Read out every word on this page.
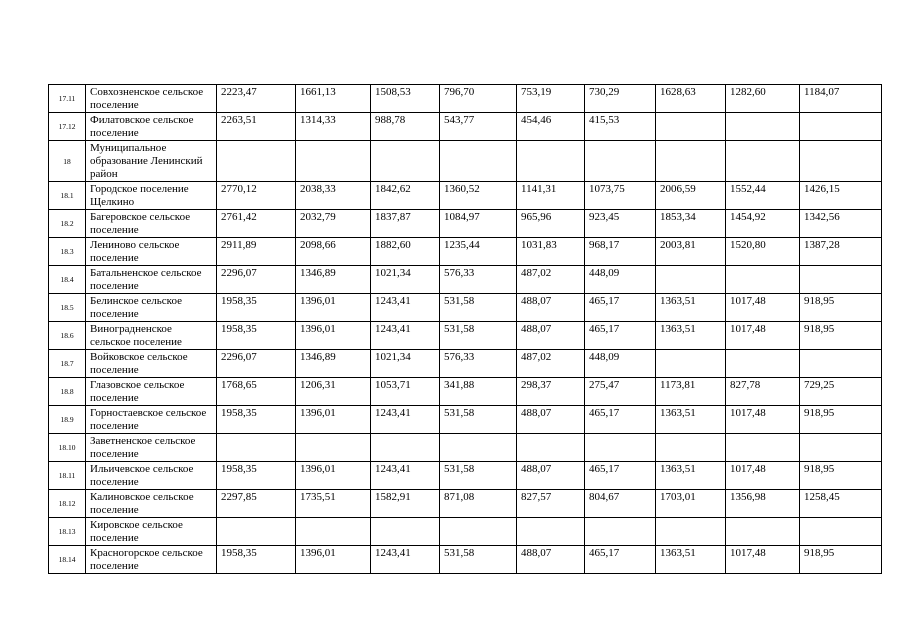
17.11	Совхозненское сельское поселение	2223,47	1661,13	1508,53	796,70	753,19	730,29	1628,63	1282,60	1184,07
17.12	Филатовское сельское поселение	2263,51	1314,33	988,78	543,77	454,46	415,53			
18	Муниципальное образование Ленинский район									
18.1	Городское поселение Щелкино	2770,12	2038,33	1842,62	1360,52	1141,31	1073,75	2006,59	1552,44	1426,15
18.2	Багеровское сельское поселение	2761,42	2032,79	1837,87	1084,97	965,96	923,45	1853,34	1454,92	1342,56
18.3	Лениново сельское поселение	2911,89	2098,66	1882,60	1235,44	1031,83	968,17	2003,81	1520,80	1387,28
18.4	Батальненское сельское поселение	2296,07	1346,89	1021,34	576,33	487,02	448,09			
18.5	Белинское сельское поселение	1958,35	1396,01	1243,41	531,58	488,07	465,17	1363,51	1017,48	918,95
18.6	Виноградненское сельское поселение	1958,35	1396,01	1243,41	531,58	488,07	465,17	1363,51	1017,48	918,95
18.7	Войковское сельское поселение	2296,07	1346,89	1021,34	576,33	487,02	448,09			
18.8	Глазовское сельское поселение	1768,65	1206,31	1053,71	341,88	298,37	275,47	1173,81	827,78	729,25
18.9	Горностаевское сельское поселение	1958,35	1396,01	1243,41	531,58	488,07	465,17	1363,51	1017,48	918,95
18.10	Заветненское сельское поселение									
18.11	Ильичевское сельское поселение	1958,35	1396,01	1243,41	531,58	488,07	465,17	1363,51	1017,48	918,95
18.12	Калиновское сельское поселение	2297,85	1735,51	1582,91	871,08	827,57	804,67	1703,01	1356,98	1258,45
18.13	Кировское сельское поселение									
18.14	Красногорское сельское поселение	1958,35	1396,01	1243,41	531,58	488,07	465,17	1363,51	1017,48	918,95
